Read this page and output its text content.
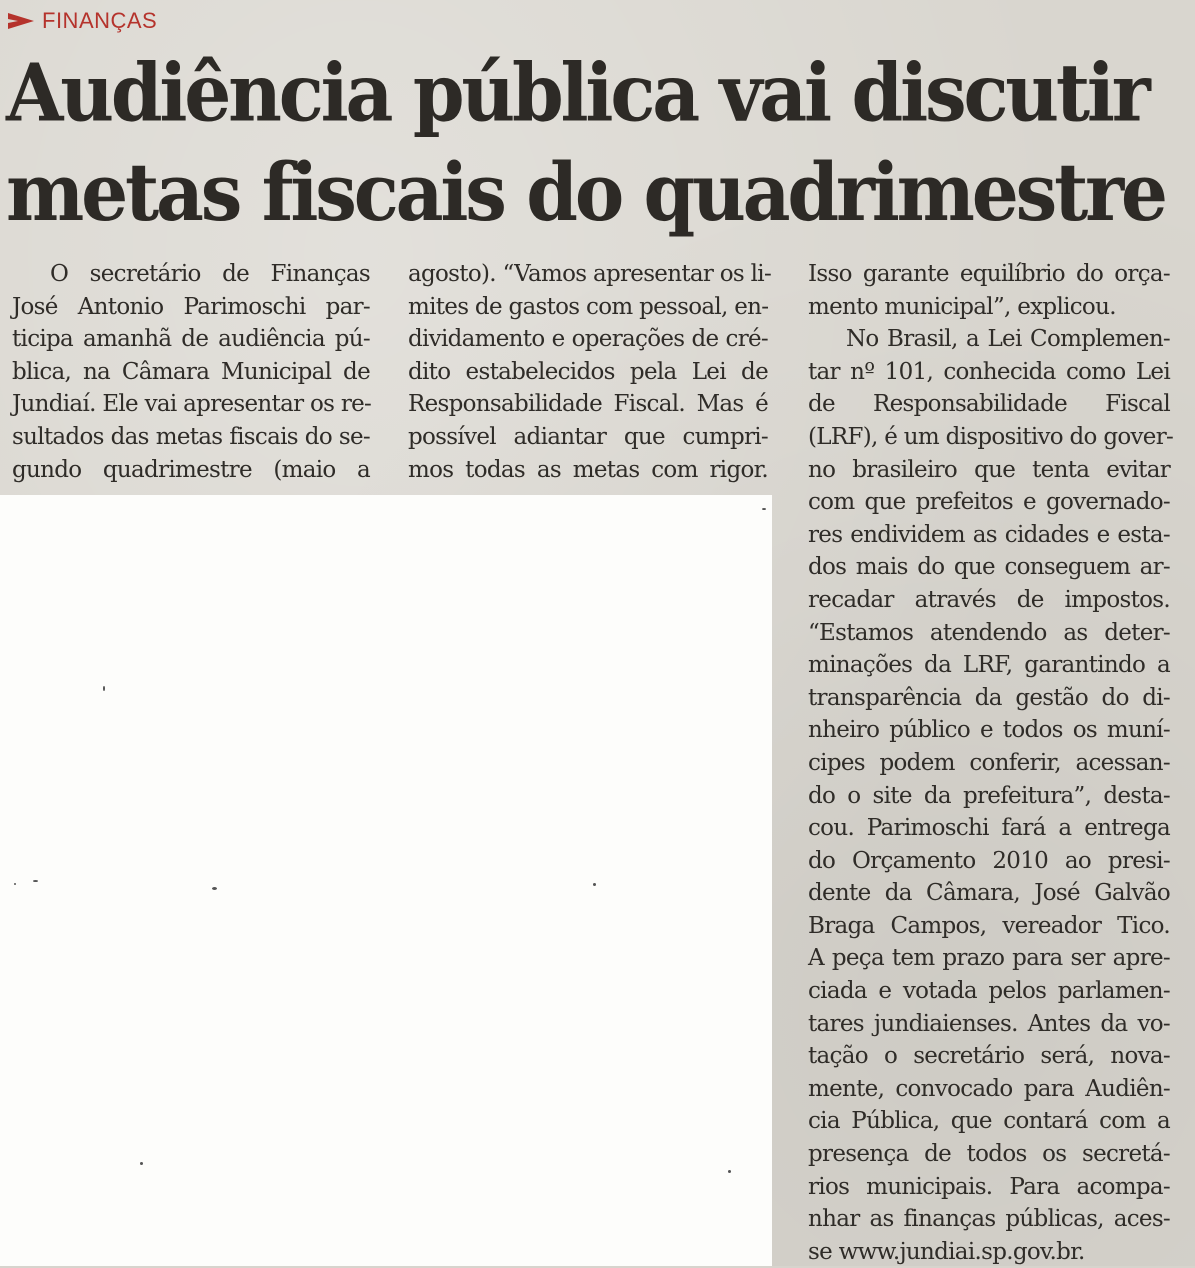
FINANÇAS
Audiência pública vai discutir
metas fiscais do quadrimestre
O secretário de Finanças
José Antonio Parimoschi par-
ticipa amanhã de audiência pú-
blica, na Câmara Municipal de
Jundiaí. Ele vai apresentar os re-
sultados das metas fiscais do se-
gundo quadrimestre (maio a
agosto). “Vamos apresentar os li-
mites de gastos com pessoal, en-
dividamento e operações de cré-
dito estabelecidos pela Lei de
Responsabilidade Fiscal. Mas é
possível adiantar que cumpri-
mos todas as metas com rigor.
Isso garante equilíbrio do orça-
mento municipal”, explicou.
No Brasil, a Lei Complemen-
tar nº 101, conhecida como Lei
de Responsabilidade Fiscal
(LRF), é um dispositivo do gover-
no brasileiro que tenta evitar
com que prefeitos e governado-
res endividem as cidades e esta-
dos mais do que conseguem ar-
recadar através de impostos.
“Estamos atendendo as deter-
minações da LRF, garantindo a
transparência da gestão do di-
nheiro público e todos os muní-
cipes podem conferir, acessan-
do o site da prefeitura”, desta-
cou. Parimoschi fará a entrega
do Orçamento 2010 ao presi-
dente da Câmara, José Galvão
Braga Campos, vereador Tico.
A peça tem prazo para ser apre-
ciada e votada pelos parlamen-
tares jundiaienses. Antes da vo-
tação o secretário será, nova-
mente, convocado para Audiên-
cia Pública, que contará com a
presença de todos os secretá-
rios municipais. Para acompa-
nhar as finanças públicas, aces-
se www.jundiai.sp.gov.br.
